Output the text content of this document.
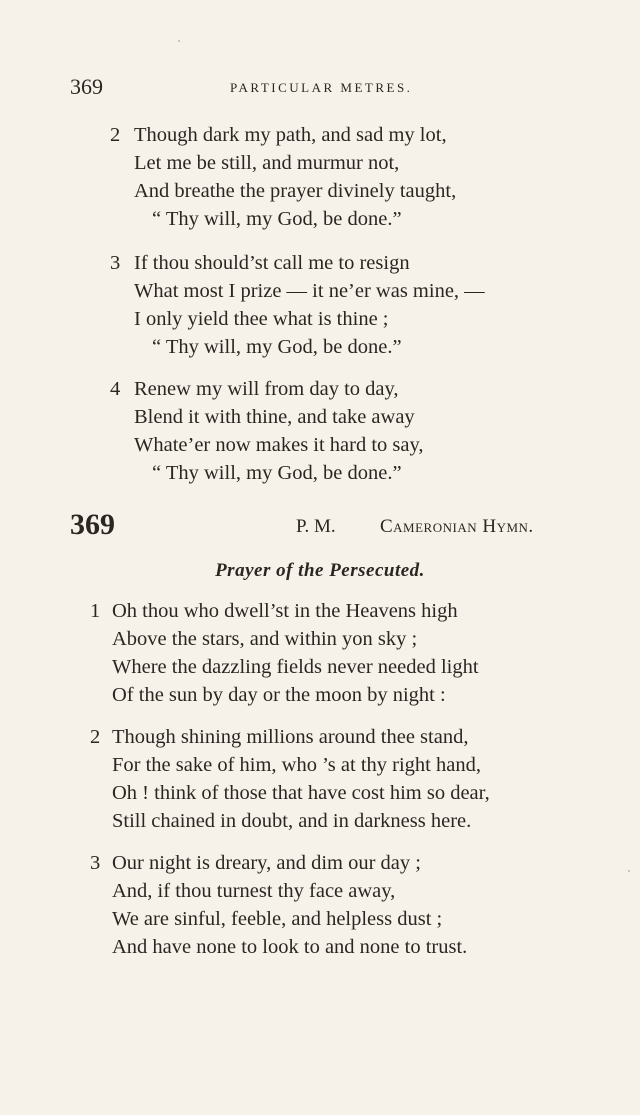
369	PARTICULAR METRES.
2 Though dark my path, and sad my lot,
Let me be still, and murmur not,
And breathe the prayer divinely taught,
“ Thy will, my God, be done.”
3 If thou should’st call me to resign
What most I prize — it ne’er was mine, —
I only yield thee what is thine ;
“ Thy will, my God, be done.”
4 Renew my will from day to day,
Blend it with thine, and take away
Whate’er now makes it hard to say,
“ Thy will, my God, be done.”
369	P. M. Cameronian Hymn.
Prayer of the Persecuted.
1 Oh thou who dwell’st in the Heavens high
Above the stars, and within yon sky ;
Where the dazzling fields never needed light
Of the sun by day or the moon by night :
2 Though shining millions around thee stand,
For the sake of him, who ’s at thy right hand,
Oh ! think of those that have cost him so dear,
Still chained in doubt, and in darkness here.
3 Our night is dreary, and dim our day ;
And, if thou turnest thy face away,
We are sinful, feeble, and helpless dust ;
And have none to look to and none to trust.
